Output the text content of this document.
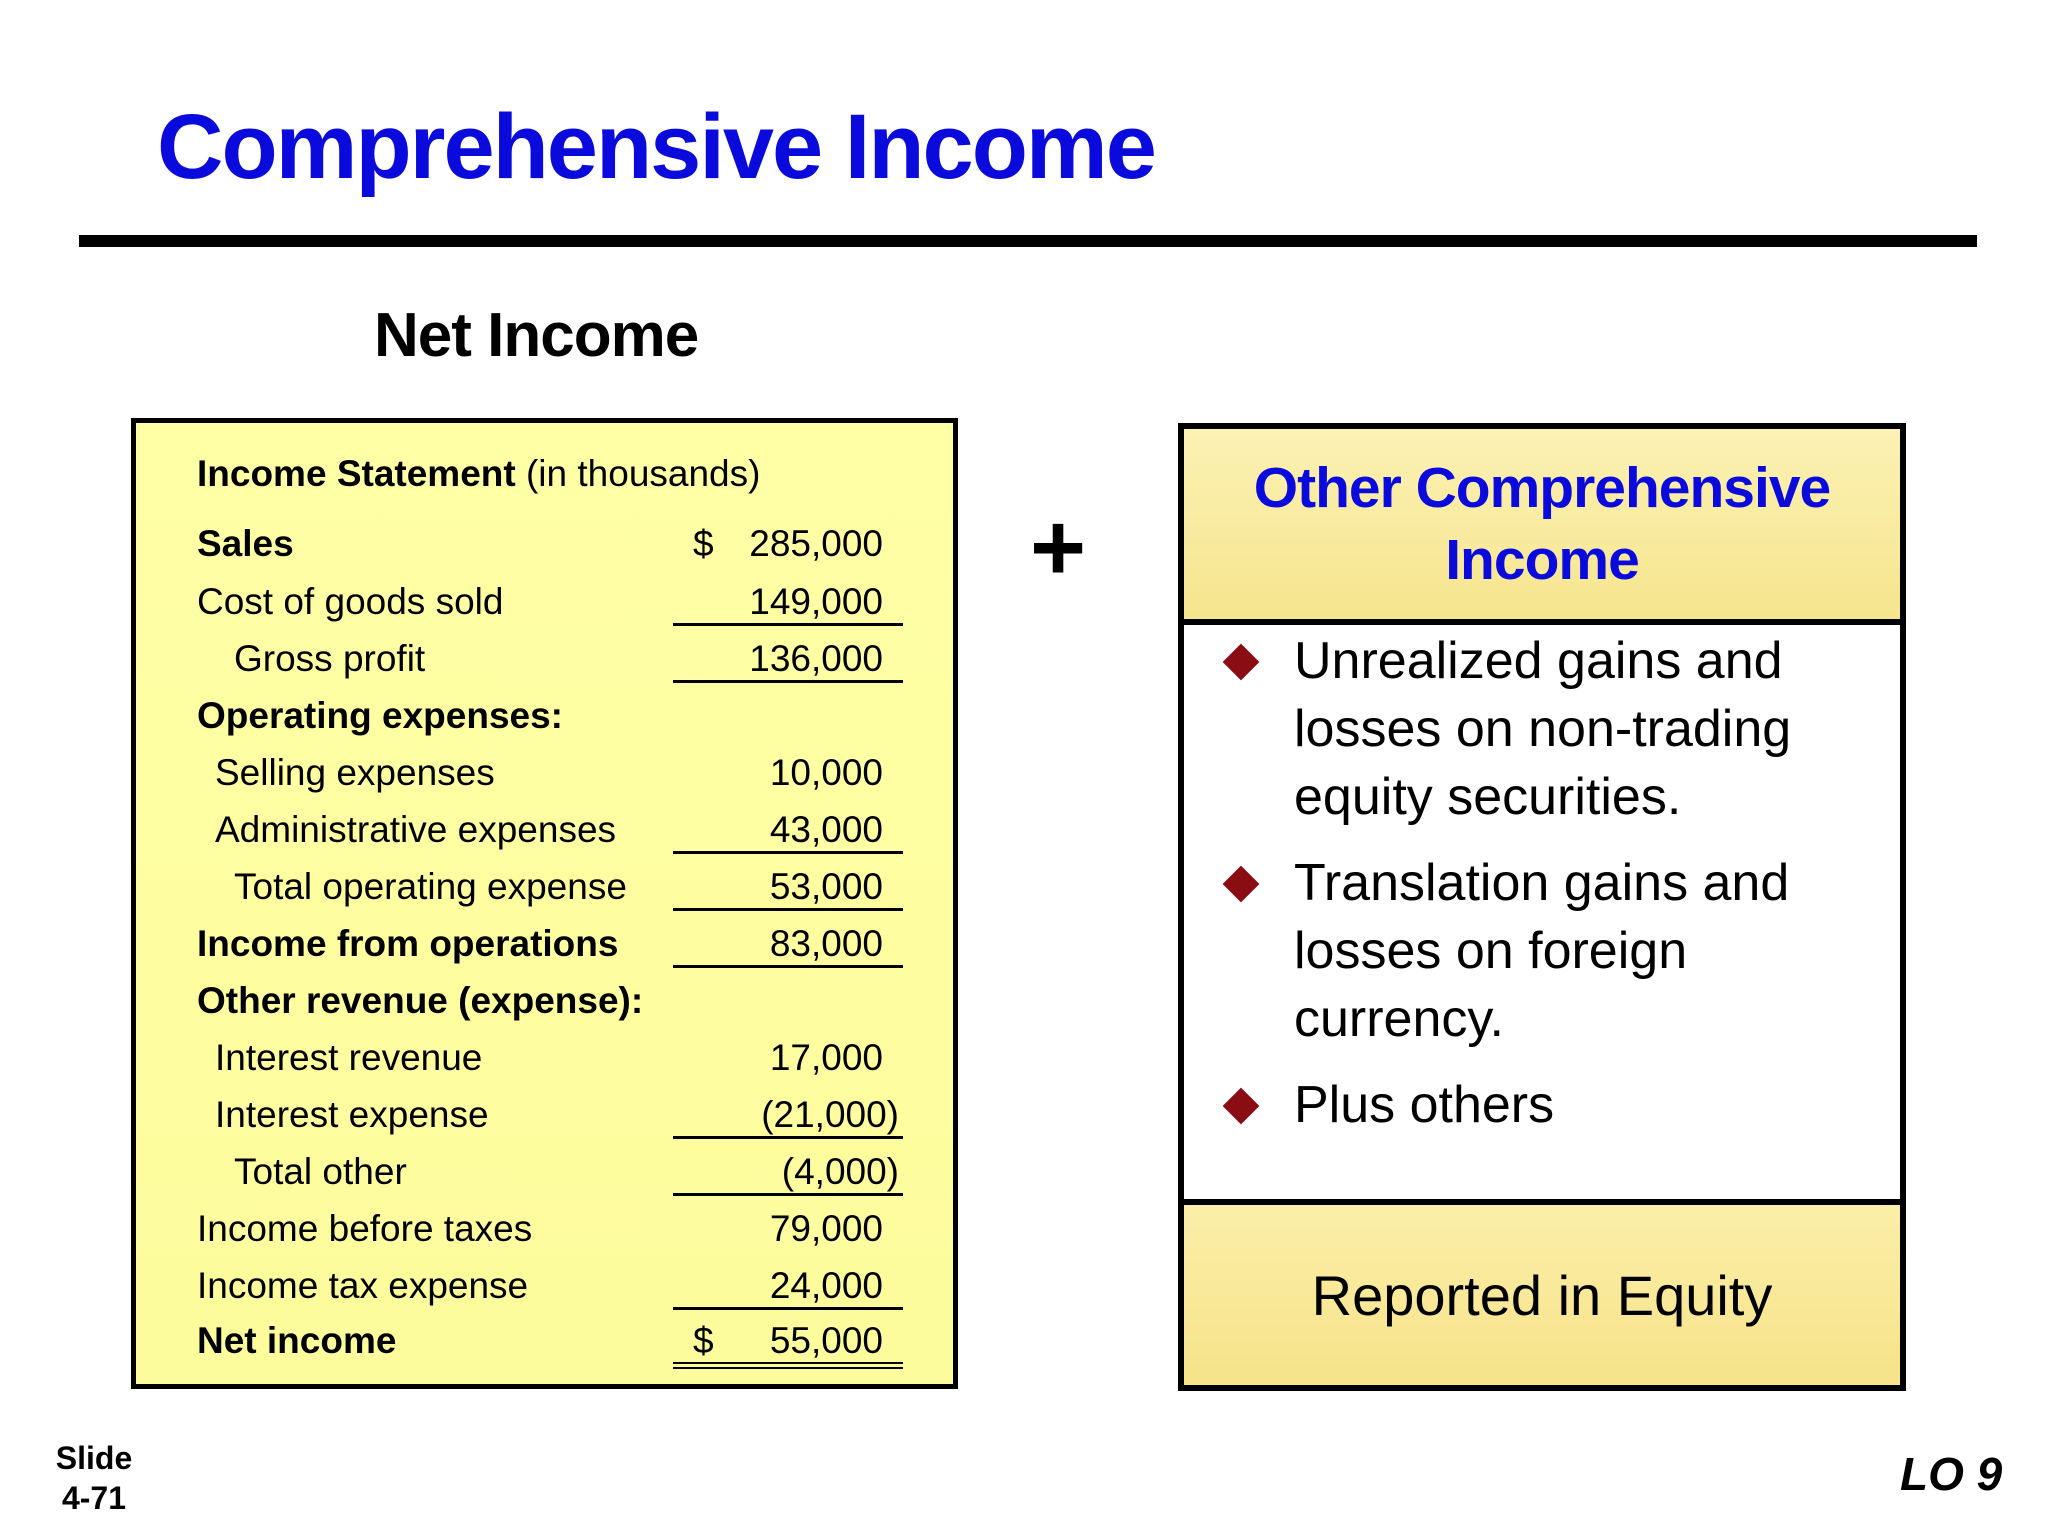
Comprehensive Income
Net Income
Income Statement (in thousands)
Sales	$ 285,000
Cost of goods sold	149,000
Gross profit	136,000
Operating expenses:
Selling expenses	10,000
Administrative expenses	43,000
Total operating expense	53,000
Income from operations	83,000
Other revenue (expense):
Interest revenue	17,000
Interest expense	(21,000)
Total other	(4,000)
Income before taxes	79,000
Income tax expense	24,000
Net income	$ 55,000
+
Other Comprehensive
Income
Unrealized gains and losses on non-trading equity securities.
Translation gains and losses on foreign currency.
Plus others
Reported in Equity
Slide
4-71	LO 9
